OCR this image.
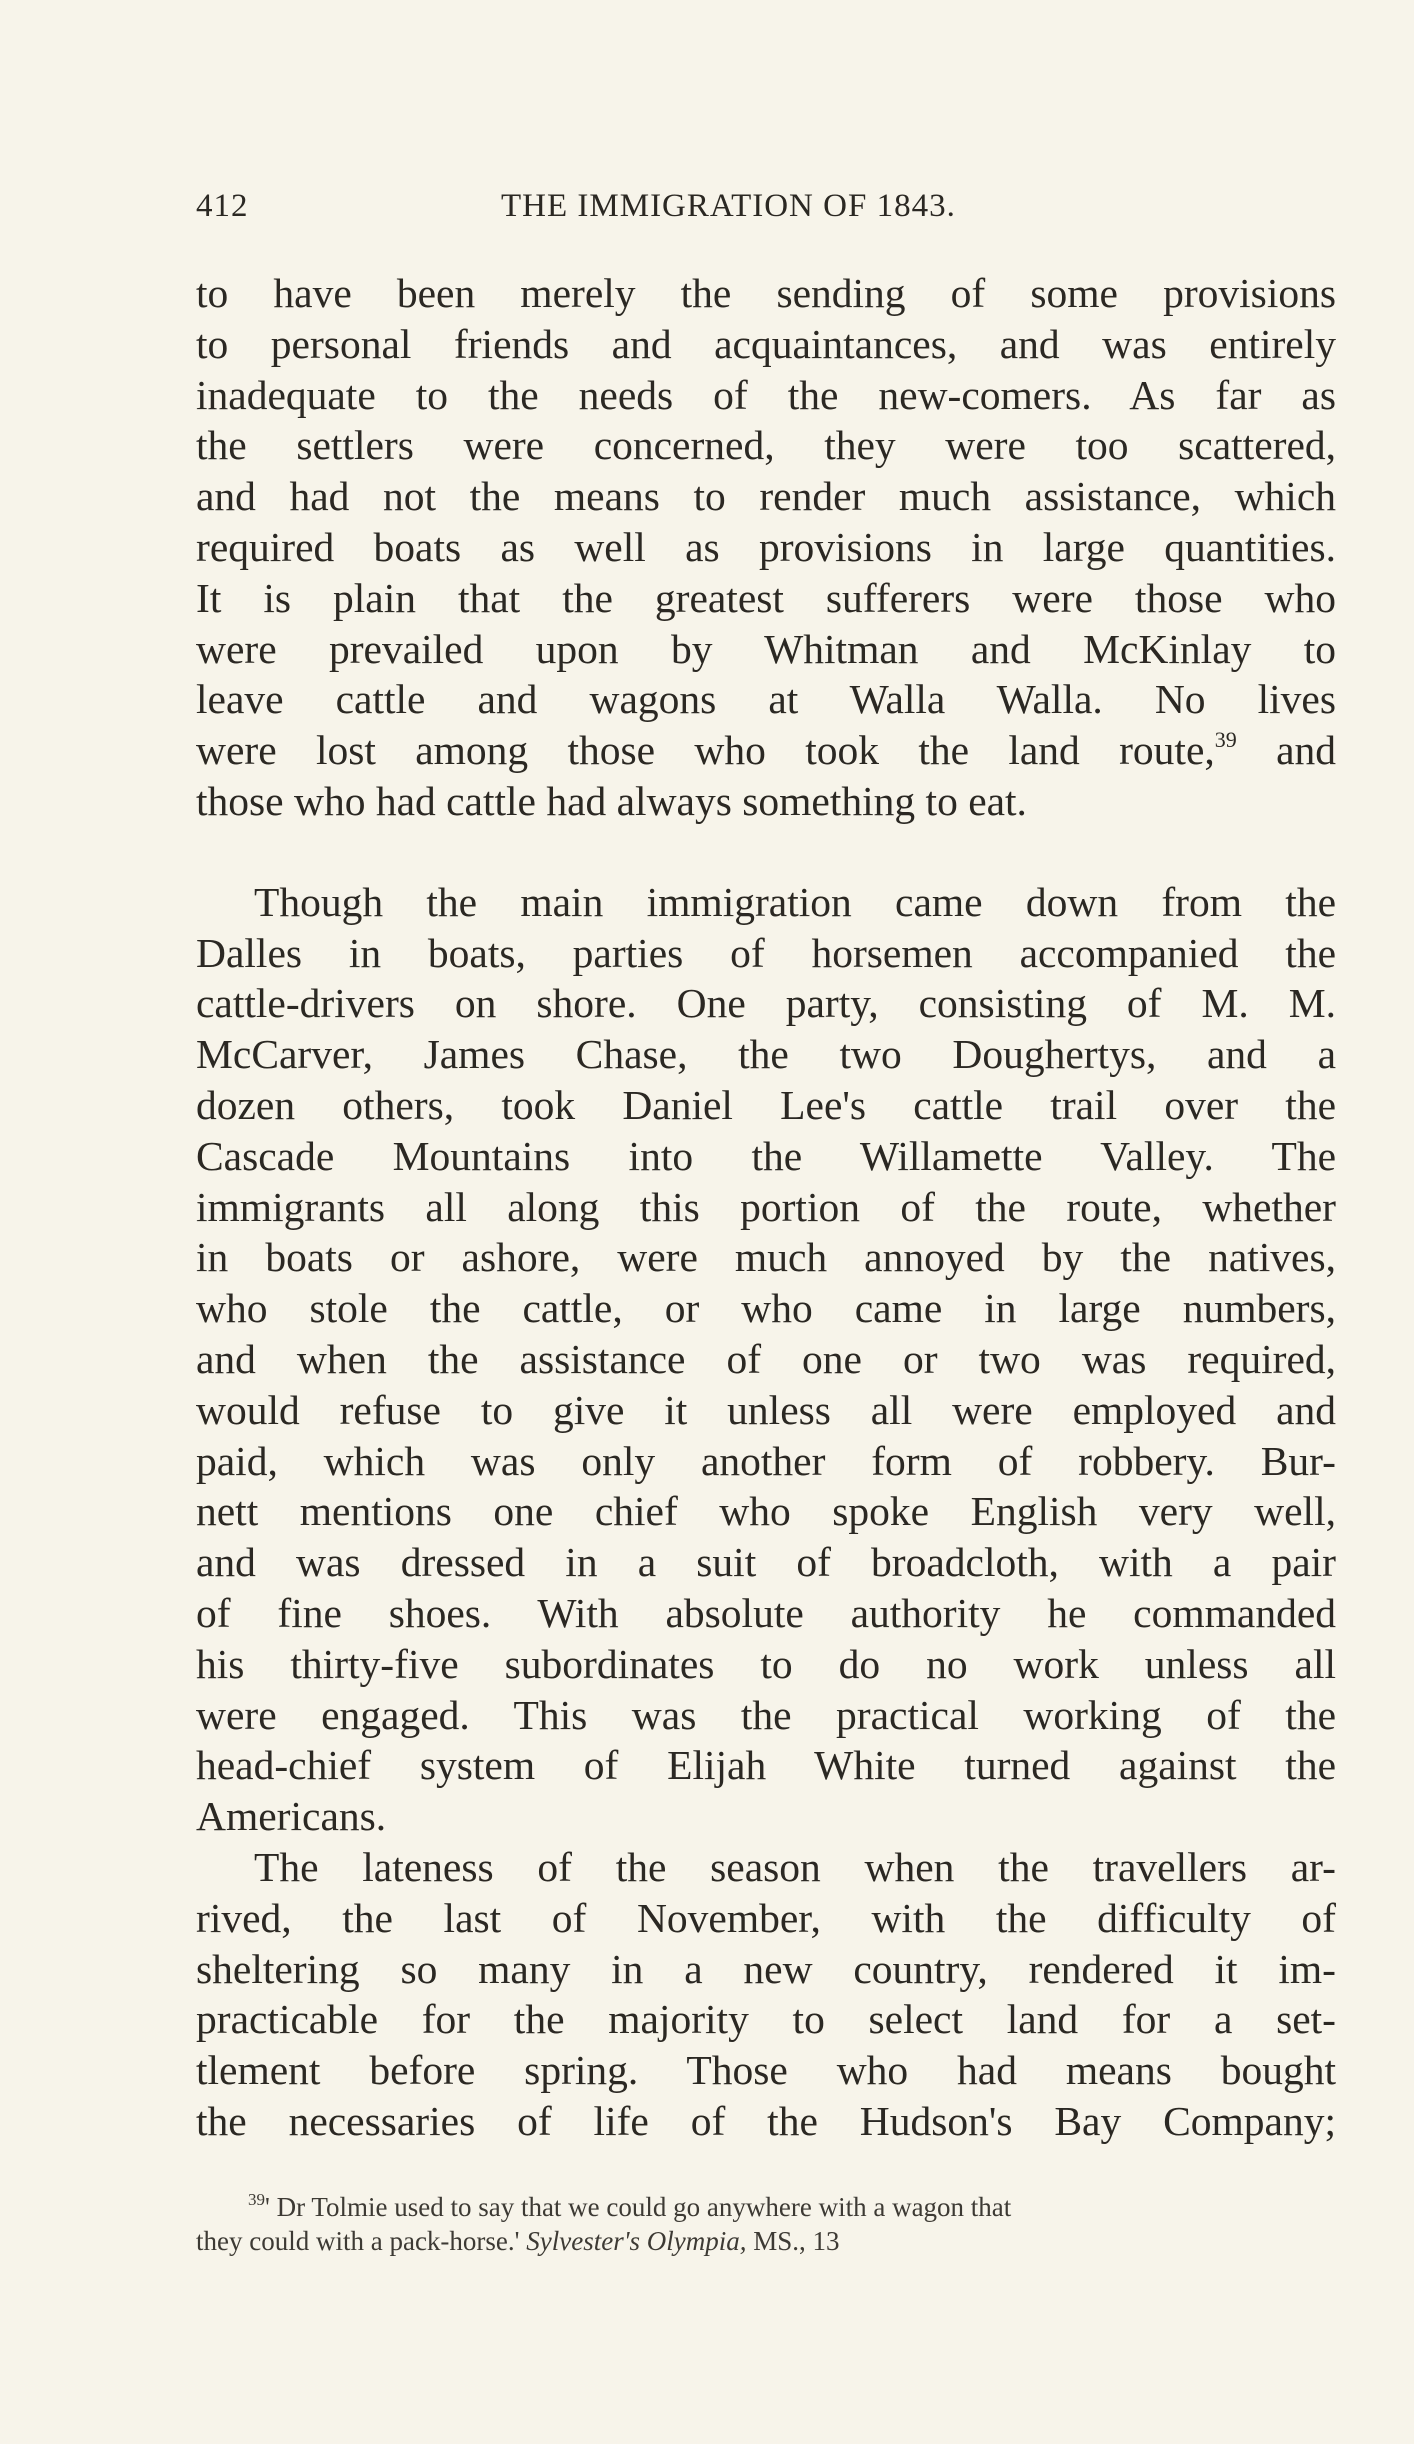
412	THE IMMIGRATION OF 1843.
to have been merely the sending of some provisions
to personal friends and acquaintances, and was entirely
inadequate to the needs of the new-comers. As far as
the settlers were concerned, they were too scattered,
and had not the means to render much assistance, which
required boats as well as provisions in large quantities.
It is plain that the greatest sufferers were those who
were prevailed upon by Whitman and McKinlay to
leave cattle and wagons at Walla Walla. No lives
were lost among those who took the land route,$^{39}$ and
those who had cattle had always something to eat.
Though the main immigration came down from the
Dalles in boats, parties of horsemen accompanied the
cattle-drivers on shore. One party, consisting of M. M.
McCarver, James Chase, the two Doughertys, and a
dozen others, took Daniel Lee's cattle trail over the
Cascade Mountains into the Willamette Valley. The
immigrants all along this portion of the route, whether
in boats or ashore, were much annoyed by the natives,
who stole the cattle, or who came in large numbers,
and when the assistance of one or two was required,
would refuse to give it unless all were employed and
paid, which was only another form of robbery. Bur-
nett mentions one chief who spoke English very well,
and was dressed in a suit of broadcloth, with a pair
of fine shoes. With absolute authority he commanded
his thirty-five subordinates to do no work unless all
were engaged. This was the practical working of the
head-chief system of Elijah White turned against the
Americans.
The lateness of the season when the travellers ar-
rived, the last of November, with the difficulty of
sheltering so many in a new country, rendered it im-
practicable for the majority to select land for a set-
tlement before spring. Those who had means bought
the necessaries of life of the Hudson's Bay Company;
$^{39}$' Dr Tolmie used to say that we could go anywhere with a wagon that
they could with a pack-horse.' Sylvester's Olympia, MS., 13
